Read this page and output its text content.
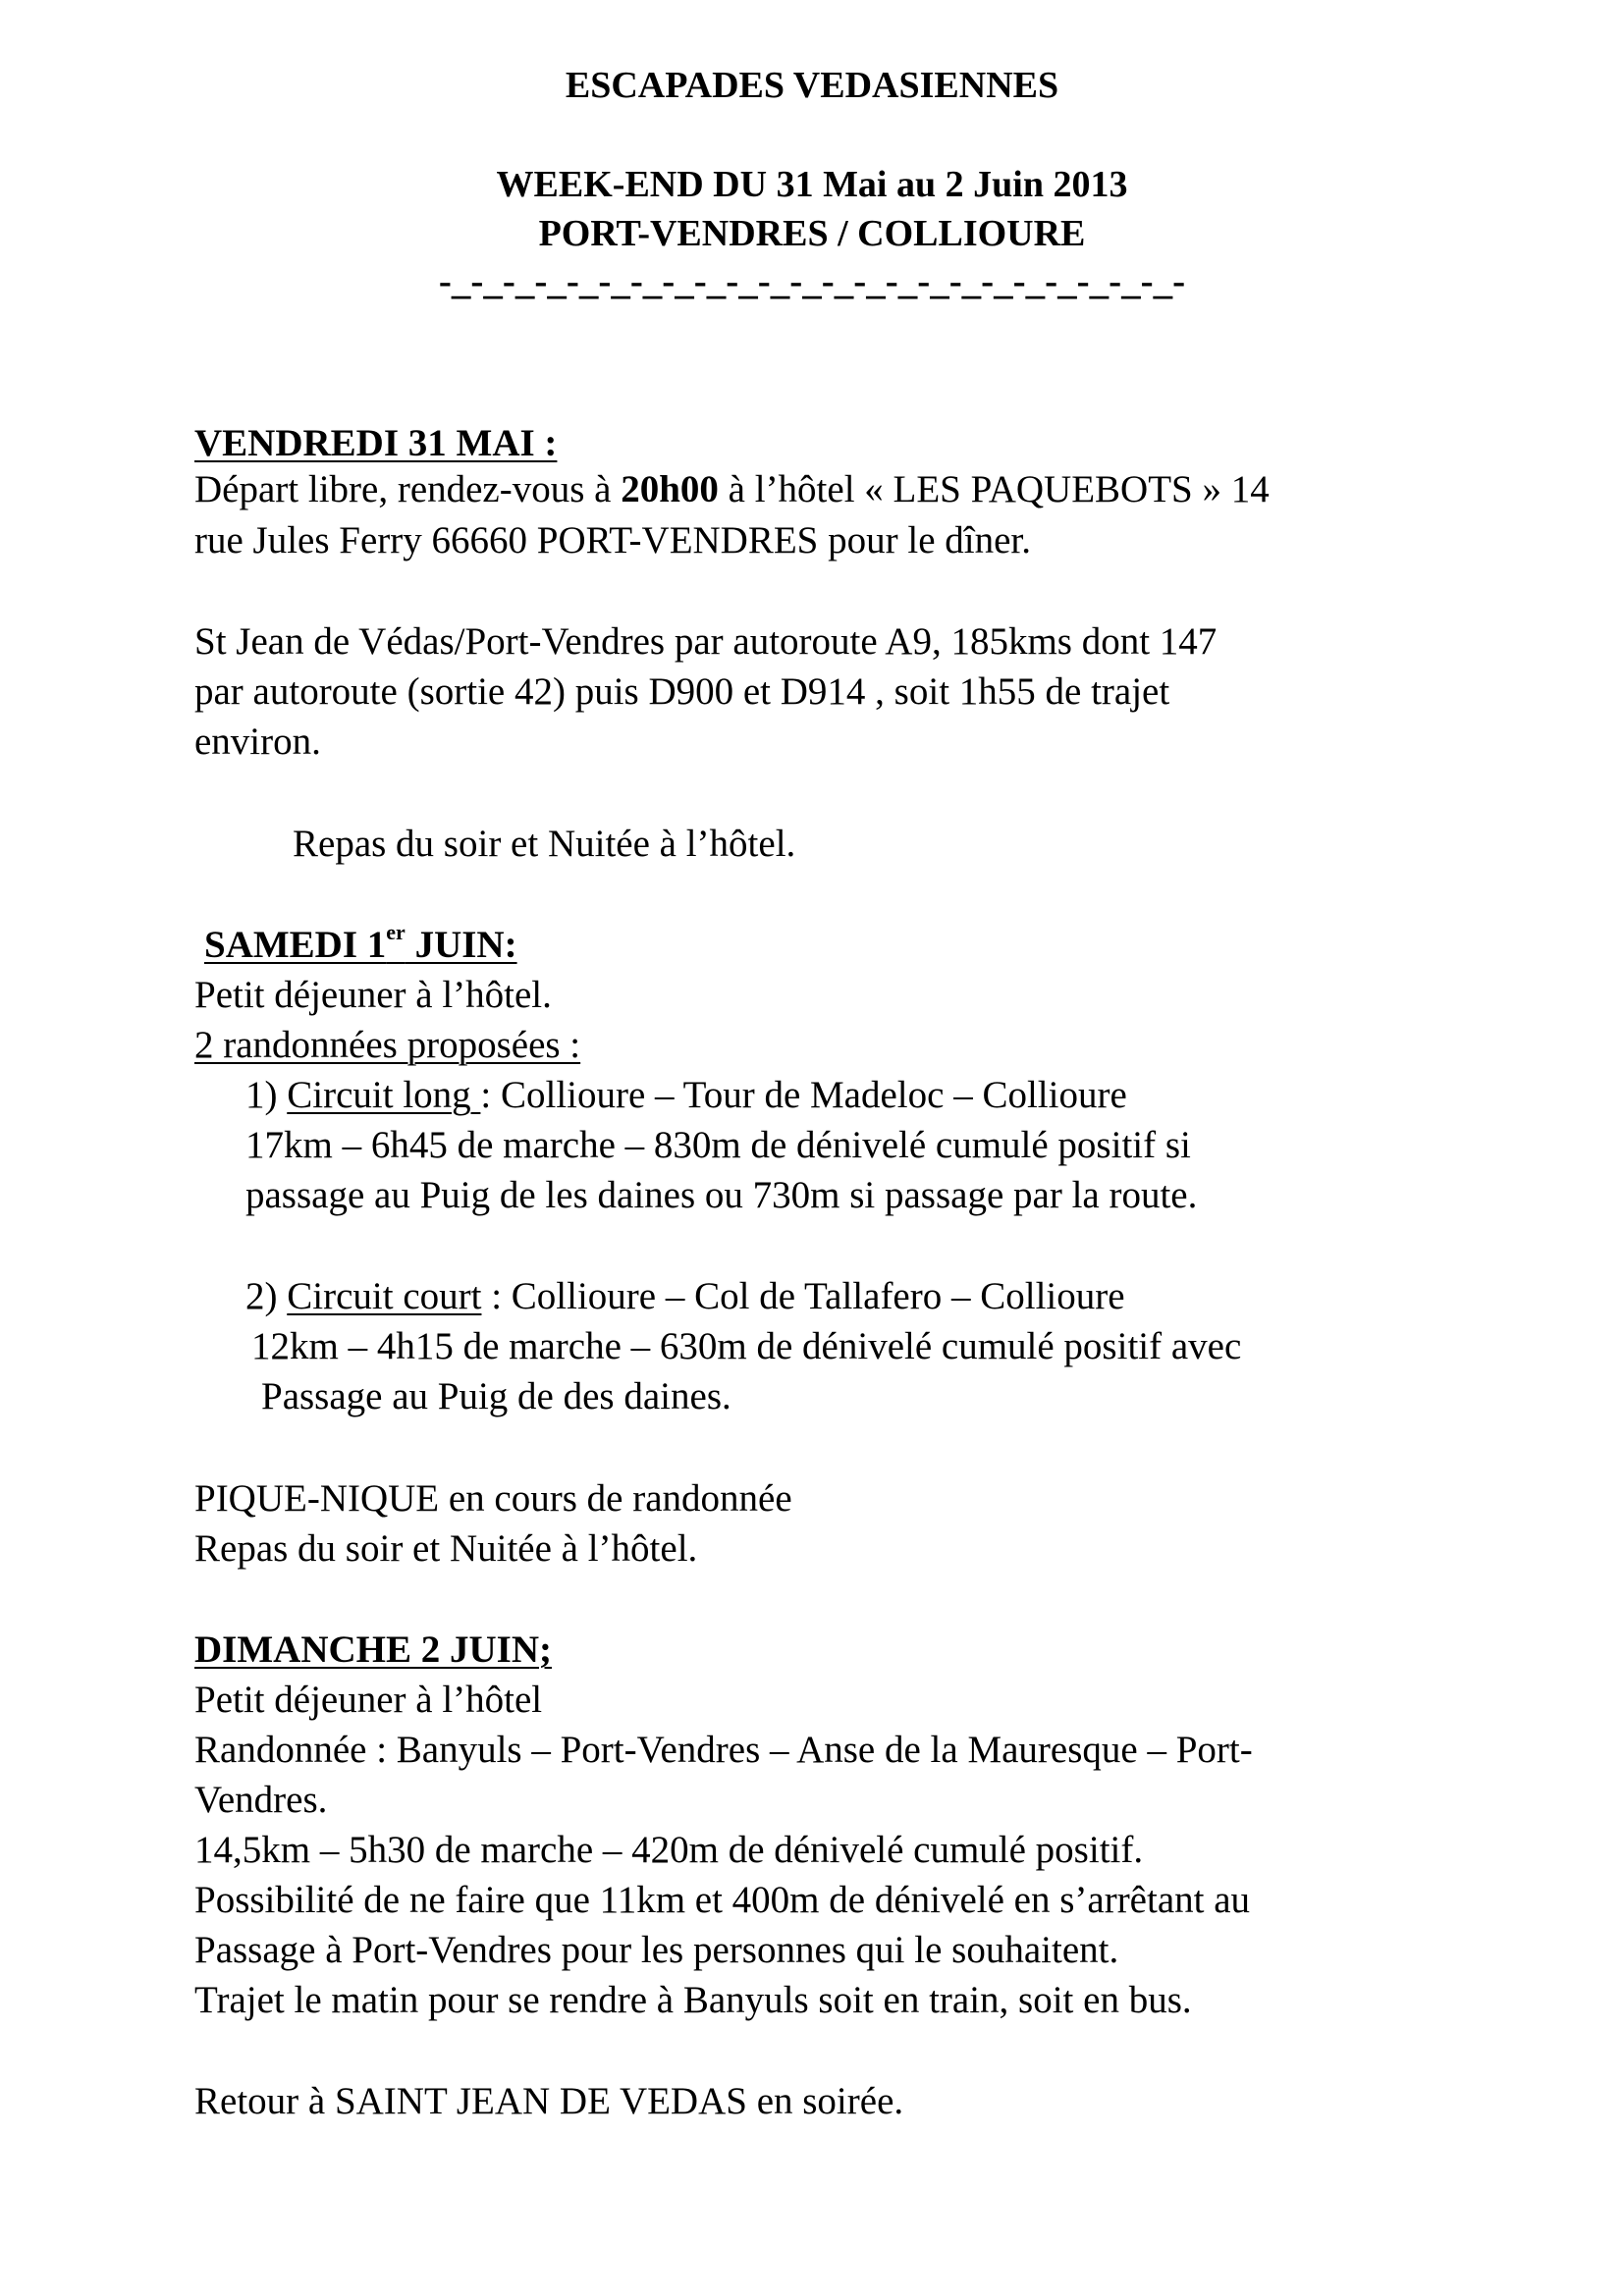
ESCAPADES VEDASIENNES
WEEK-END DU 31 Mai au 2 Juin 2013
PORT-VENDRES / COLLIOURE
-_-_-_-_-_-_-_-_-_-_-_-_-_-_-_-_-_-_-_-_-_-_-_-
VENDREDI 31 MAI :
Départ libre, rendez-vous à 20h00 à l’hôtel « LES PAQUEBOTS » 14
rue Jules Ferry 66660 PORT-VENDRES pour le dîner.
St Jean de Védas/Port-Vendres par autoroute A9, 185kms dont 147
par autoroute (sortie 42) puis D900 et D914 , soit 1h55 de trajet
environ.
Repas du soir et Nuitée à l’hôtel.
SAMEDI 1er JUIN:
Petit déjeuner à l’hôtel.
2 randonnées proposées :
1) Circuit long : Collioure – Tour de Madeloc – Collioure
17km – 6h45 de marche – 830m de dénivelé cumulé positif si
passage au Puig de les daines ou 730m si passage par la route.
2) Circuit court : Collioure – Col de Tallafero – Collioure
12km – 4h15 de marche – 630m de dénivelé cumulé positif avec
Passage au Puig de des daines.
PIQUE-NIQUE en cours de randonnée
Repas du soir et Nuitée à l’hôtel.
DIMANCHE 2 JUIN;
Petit déjeuner à l’hôtel
Randonnée : Banyuls – Port-Vendres – Anse de la Mauresque – Port-
Vendres.
14,5km – 5h30 de marche – 420m de dénivelé cumulé positif.
Possibilité de ne faire que 11km et 400m de dénivelé en s’arrêtant au
Passage à Port-Vendres pour les personnes qui le souhaitent.
Trajet le matin pour se rendre à Banyuls soit en train, soit en bus.
Retour à SAINT JEAN DE VEDAS en soirée.
